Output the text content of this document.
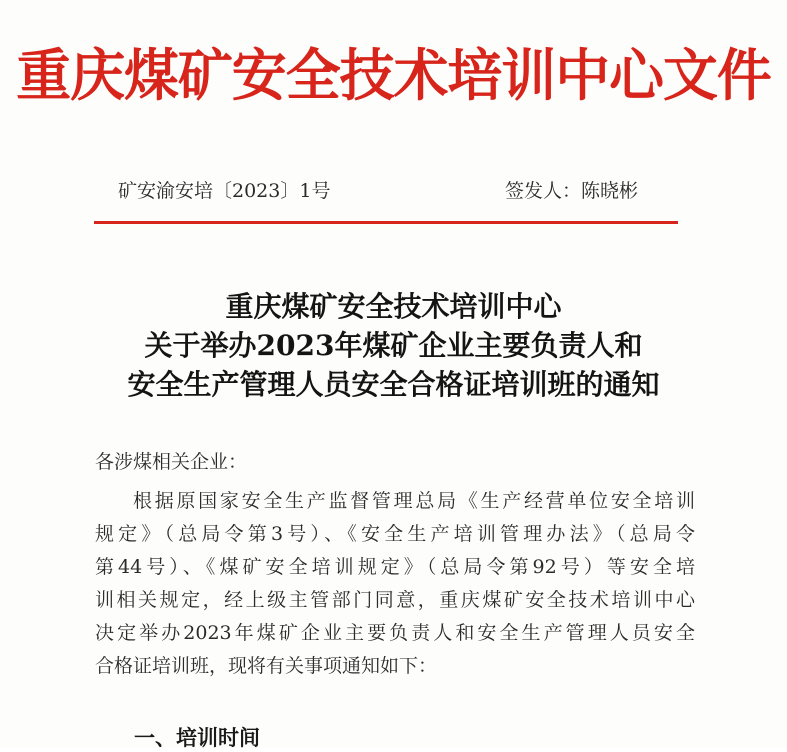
重庆煤矿安全技术培训中心文件
矿安渝安培〔2023〕1号	签发人：陈晓彬
重庆煤矿安全技术培训中心
关于举办2023年煤矿企业主要负责人和
安全生产管理人员安全合格证培训班的通知
各涉煤相关企业：
根据原国家安全生产监督管理总局《生产经营单位安全培训
规定》（总局令第3号）、《安全生产培训管理办法》（总局令
第44号）、《煤矿安全培训规定》（总局令第92号）等安全培
训相关规定，经上级主管部门同意，重庆煤矿安全技术培训中心
决定举办2023年煤矿企业主要负责人和安全生产管理人员安全
合格证培训班，现将有关事项通知如下：
一、培训时间
